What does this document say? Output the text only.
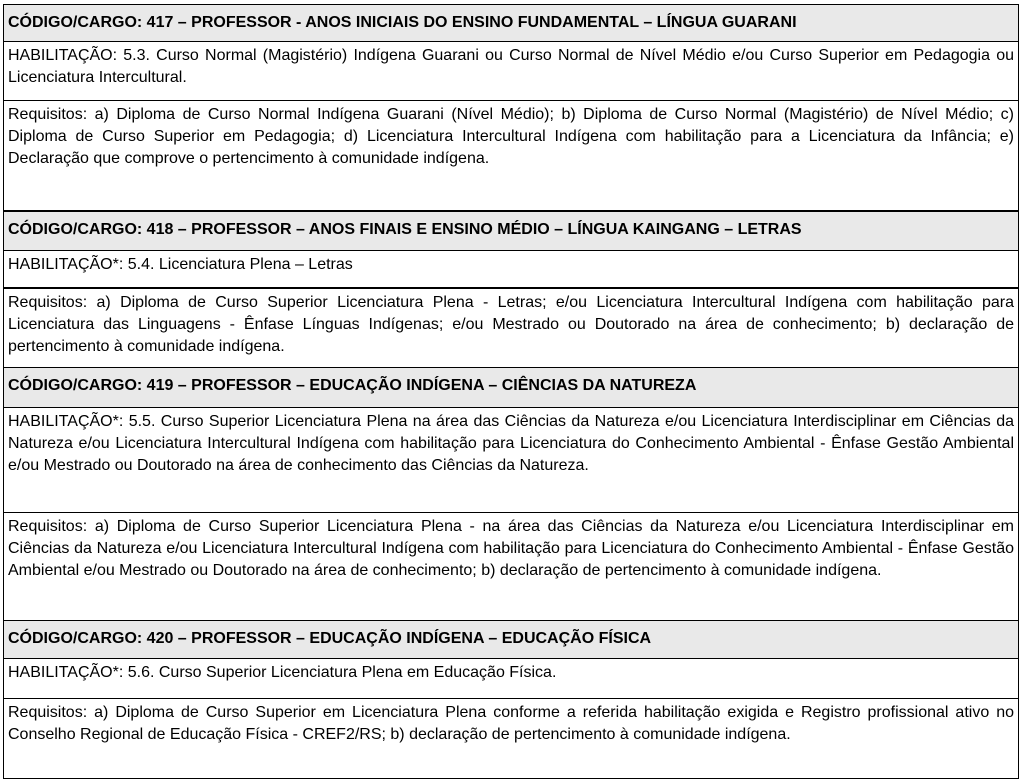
CÓDIGO/CARGO: 417 – PROFESSOR - ANOS INICIAIS DO ENSINO FUNDAMENTAL – LÍNGUA GUARANI
HABILITAÇÃO: 5.3. Curso Normal (Magistério) Indígena Guarani ou Curso Normal de Nível Médio e/ou Curso Superior em Pedagogia ou Licenciatura Intercultural.
Requisitos: a) Diploma de Curso Normal Indígena Guarani (Nível Médio); b) Diploma de Curso Normal (Magistério) de Nível Médio; c) Diploma de Curso Superior em Pedagogia; d) Licenciatura Intercultural Indígena com habilitação para a Licenciatura da Infância; e) Declaração que comprove o pertencimento à comunidade indígena.
CÓDIGO/CARGO: 418 – PROFESSOR – ANOS FINAIS E ENSINO MÉDIO – LÍNGUA KAINGANG – LETRAS
HABILITAÇÃO*: 5.4. Licenciatura Plena – Letras
Requisitos: a) Diploma de Curso Superior Licenciatura Plena - Letras; e/ou Licenciatura Intercultural Indígena com habilitação para Licenciatura das Linguagens - Ênfase Línguas Indígenas; e/ou Mestrado ou Doutorado na área de conhecimento; b) declaração de pertencimento à comunidade indígena.
CÓDIGO/CARGO: 419 – PROFESSOR – EDUCAÇÃO INDÍGENA – CIÊNCIAS DA NATUREZA
HABILITAÇÃO*: 5.5. Curso Superior Licenciatura Plena na área das Ciências da Natureza e/ou Licenciatura Interdisciplinar em Ciências da Natureza e/ou Licenciatura Intercultural Indígena com habilitação para Licenciatura do Conhecimento Ambiental - Ênfase Gestão Ambiental e/ou Mestrado ou Doutorado na área de conhecimento das Ciências da Natureza.
Requisitos: a) Diploma de Curso Superior Licenciatura Plena - na área das Ciências da Natureza e/ou Licenciatura Interdisciplinar em Ciências da Natureza e/ou Licenciatura Intercultural Indígena com habilitação para Licenciatura do Conhecimento Ambiental - Ênfase Gestão Ambiental e/ou Mestrado ou Doutorado na área de conhecimento; b) declaração de pertencimento à comunidade indígena.
CÓDIGO/CARGO: 420 – PROFESSOR – EDUCAÇÃO INDÍGENA – EDUCAÇÃO FÍSICA
HABILITAÇÃO*: 5.6. Curso Superior Licenciatura Plena em Educação Física.
Requisitos: a) Diploma de Curso Superior em Licenciatura Plena conforme a referida habilitação exigida e Registro profissional ativo no Conselho Regional de Educação Física - CREF2/RS; b) declaração de pertencimento à comunidade indígena.
